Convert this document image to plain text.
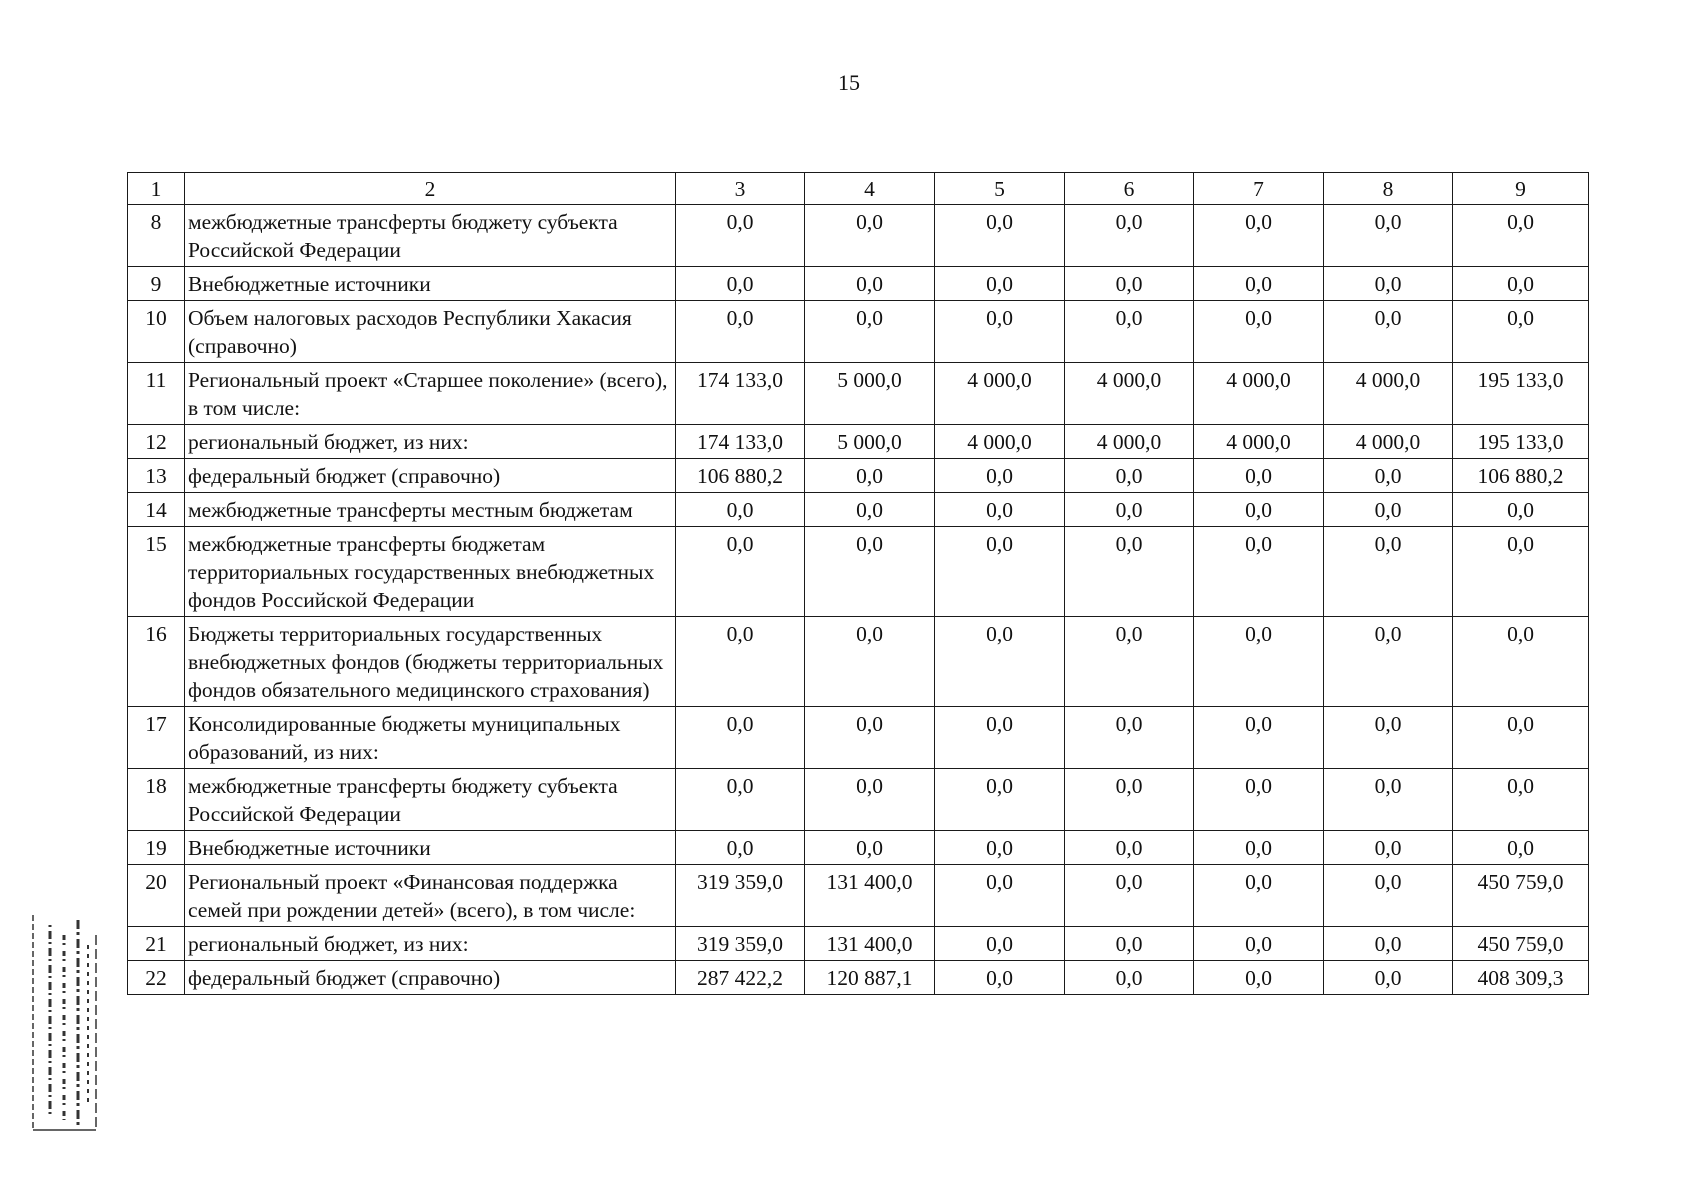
15
1	2	3	4	5	6	7	8	9
8	межбюджетные трансферты бюджету субъекта Российской Федерации	0,0	0,0	0,0	0,0	0,0	0,0	0,0
9	Внебюджетные источники	0,0	0,0	0,0	0,0	0,0	0,0	0,0
10	Объем налоговых расходов Республики Хакасия (справочно)	0,0	0,0	0,0	0,0	0,0	0,0	0,0
11	Региональный проект «Старшее поколение» (всего), в том числе:	174 133,0	5 000,0	4 000,0	4 000,0	4 000,0	4 000,0	195 133,0
12	региональный бюджет, из них:	174 133,0	5 000,0	4 000,0	4 000,0	4 000,0	4 000,0	195 133,0
13	федеральный бюджет (справочно)	106 880,2	0,0	0,0	0,0	0,0	0,0	106 880,2
14	межбюджетные трансферты местным бюджетам	0,0	0,0	0,0	0,0	0,0	0,0	0,0
15	межбюджетные трансферты бюджетам территориальных государственных внебюджетных фондов Российской Федерации	0,0	0,0	0,0	0,0	0,0	0,0	0,0
16	Бюджеты территориальных государственных внебюджетных фондов (бюджеты территориальных фондов обязательного медицинского страхования)	0,0	0,0	0,0	0,0	0,0	0,0	0,0
17	Консолидированные бюджеты муниципальных образований, из них:	0,0	0,0	0,0	0,0	0,0	0,0	0,0
18	межбюджетные трансферты бюджету субъекта Российской Федерации	0,0	0,0	0,0	0,0	0,0	0,0	0,0
19	Внебюджетные источники	0,0	0,0	0,0	0,0	0,0	0,0	0,0
20	Региональный проект «Финансовая поддержка семей при рождении детей» (всего), в том числе:	319 359,0	131 400,0	0,0	0,0	0,0	0,0	450 759,0
21	региональный бюджет, из них:	319 359,0	131 400,0	0,0	0,0	0,0	0,0	450 759,0
22	федеральный бюджет (справочно)	287 422,2	120 887,1	0,0	0,0	0,0	0,0	408 309,3
